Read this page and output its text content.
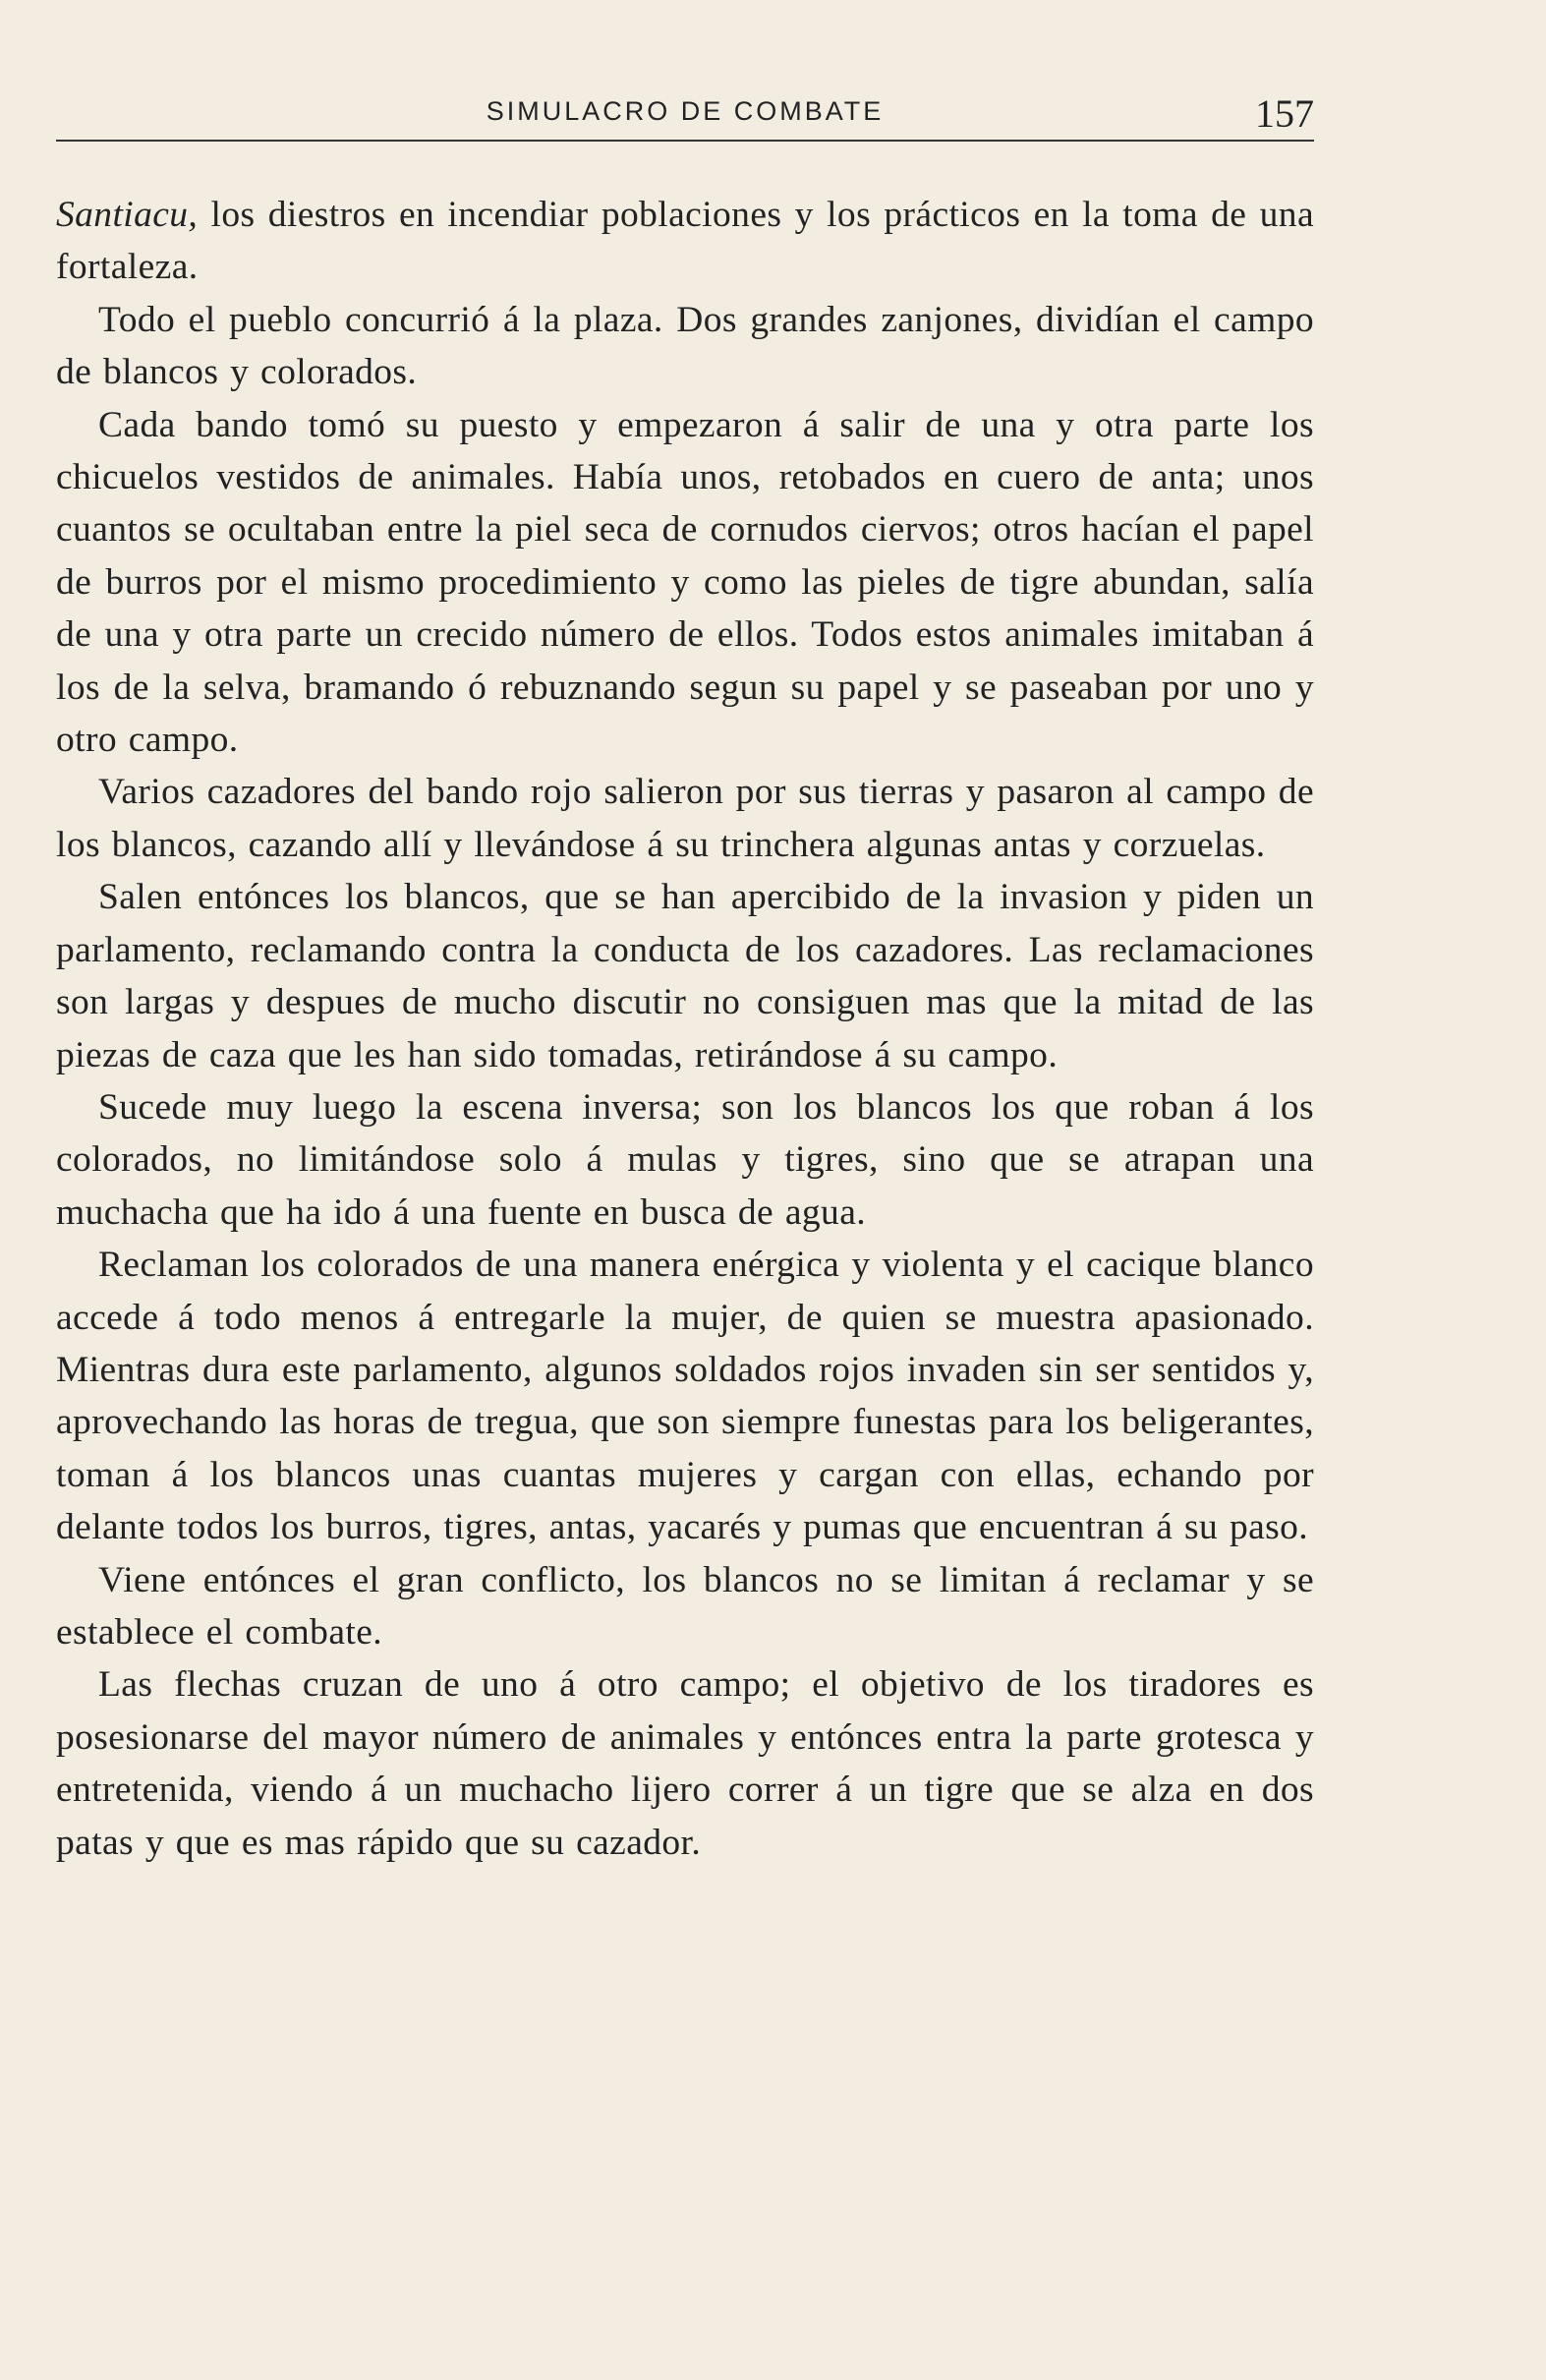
SIMULACRO DE COMBATE	157

Santiacu, los diestros en incendiar poblaciones y los prácticos en la toma de una fortaleza.

Todo el pueblo concurrió á la plaza. Dos grandes zanjones, dividían el campo de blancos y colorados.

Cada bando tomó su puesto y empezaron á salir de una y otra parte los chicuelos vestidos de animales. Había unos, retobados en cuero de anta; unos cuantos se ocultaban entre la piel seca de cornudos ciervos; otros hacían el papel de burros por el mismo procedimiento y como las pieles de tigre abundan, salía de una y otra parte un crecido número de ellos. Todos estos animales imitaban á los de la selva, bramando ó rebuznando segun su papel y se paseaban por uno y otro campo.

Varios cazadores del bando rojo salieron por sus tierras y pasaron al campo de los blancos, cazando allí y llevándose á su trinchera algunas antas y corzuelas.

Salen entónces los blancos, que se han apercibido de la invasion y piden un parlamento, reclamando contra la conducta de los cazadores. Las reclamaciones son largas y despues de mucho discutir no consiguen mas que la mitad de las piezas de caza que les han sido tomadas, retirándose á su campo.

Sucede muy luego la escena inversa; son los blancos los que roban á los colorados, no limitándose solo á mulas y tigres, sino que se atrapan una muchacha que ha ido á una fuente en busca de agua.

Reclaman los colorados de una manera enérgica y violenta y el cacique blanco accede á todo menos á entregarle la mujer, de quien se muestra apasionado. Mientras dura este parlamento, algunos soldados rojos invaden sin ser sentidos y, aprovechando las horas de tregua, que son siempre funestas para los beligerantes, toman á los blancos unas cuantas mujeres y cargan con ellas, echando por delante todos los burros, tigres, antas, yacarés y pumas que encuentran á su paso.

Viene entónces el gran conflicto, los blancos no se limitan á reclamar y se establece el combate.

Las flechas cruzan de uno á otro campo; el objetivo de los tiradores es posesionarse del mayor número de animales y entónces entra la parte grotesca y entretenida, viendo á un muchacho lijero correr á un tigre que se alza en dos patas y que es mas rápido que su cazador.
